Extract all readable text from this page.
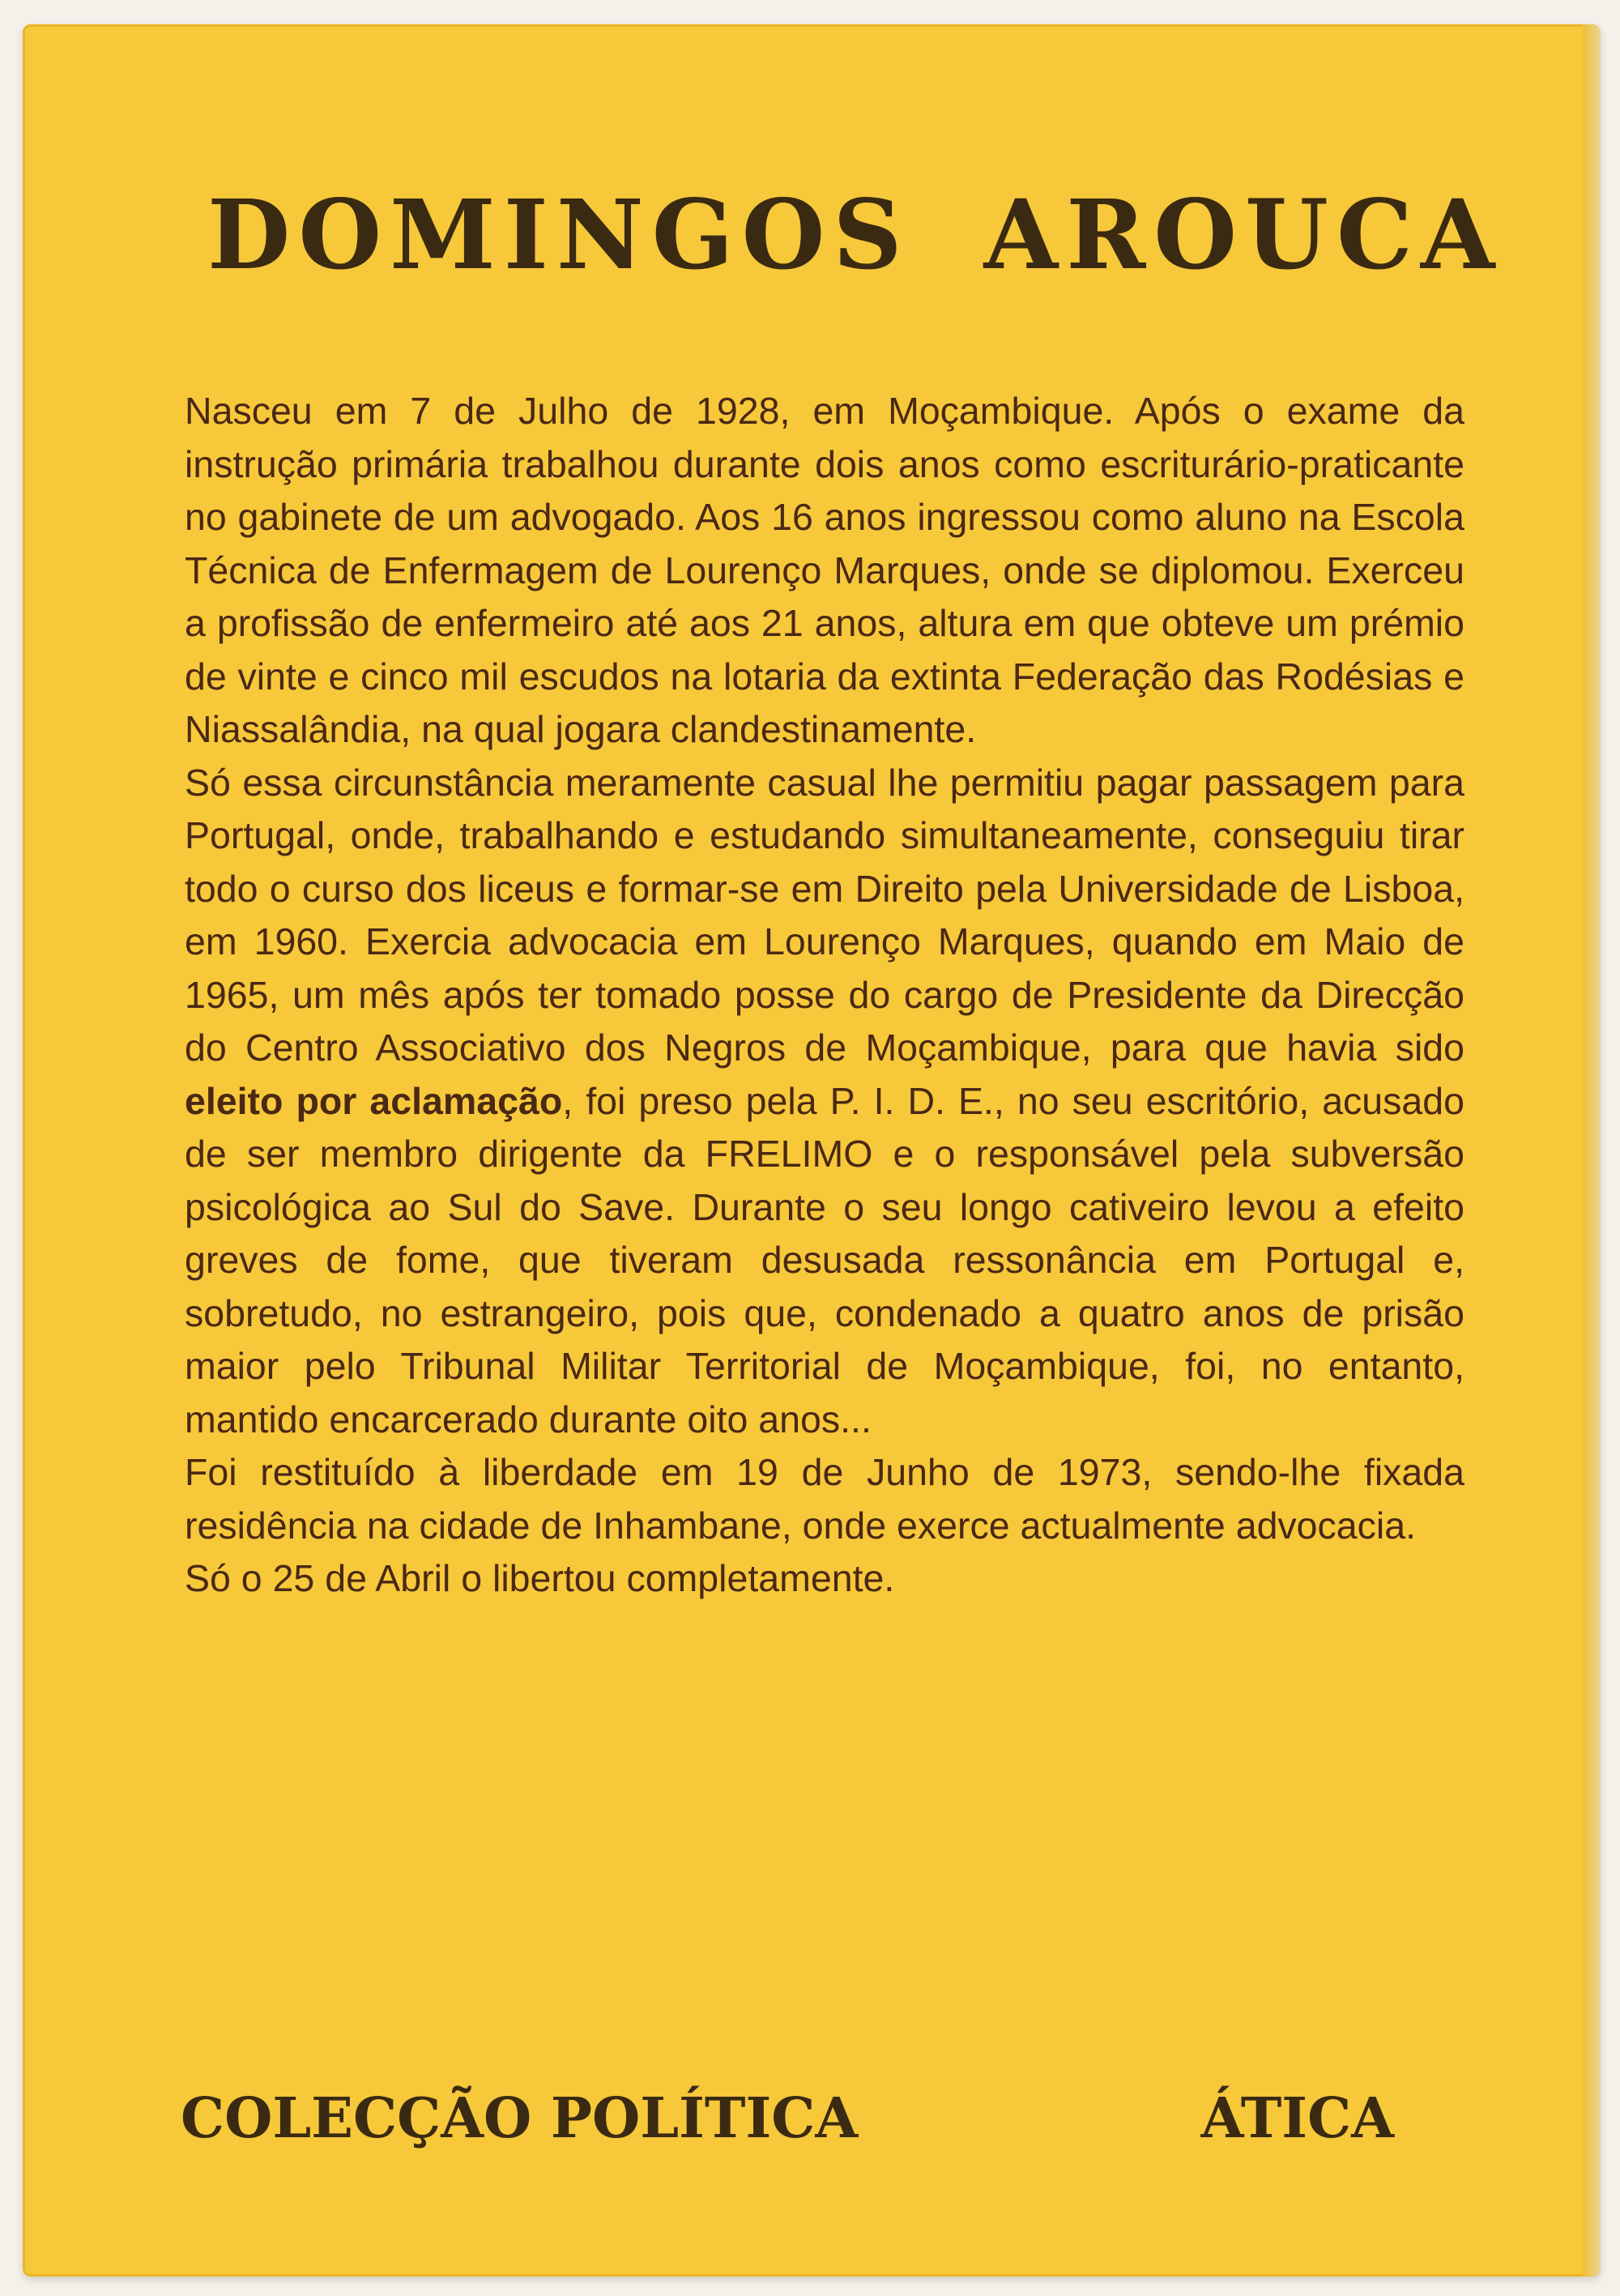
DOMINGOS AROUCA

Nasceu em 7 de Julho de 1928, em Moçambique. Após o exame da instrução primária trabalhou durante dois anos como escriturário-praticante no gabinete de um advogado. Aos 16 anos ingressou como aluno na Escola Técnica de Enfermagem de Lourenço Marques, onde se diplomou. Exerceu a profissão de enfermeiro até aos 21 anos, altura em que obteve um prémio de vinte e cinco mil escudos na lotaria da extinta Federação das Rodésias e Niassalândia, na qual jogara clandestinamente.

Só essa circunstância meramente casual lhe permitiu pagar passagem para Portugal, onde, trabalhando e estudando simultaneamente, conseguiu tirar todo o curso dos liceus e formar-se em Direito pela Universidade de Lisboa, em 1960. Exercia advocacia em Lourenço Marques, quando em Maio de 1965, um mês após ter tomado posse do cargo de Presidente da Direcção do Centro Associativo dos Negros de Moçambique, para que havia sido eleito por aclamação, foi preso pela P. I. D. E., no seu escritório, acusado de ser membro dirigente da FRELIMO e o responsável pela subversão psicológica ao Sul do Save. Durante o seu longo cativeiro levou a efeito greves de fome, que tiveram desusada ressonância em Portugal e, sobretudo, no estrangeiro, pois que, condenado a quatro anos de prisão maior pelo Tribunal Militar Territorial de Moçambique, foi, no entanto, mantido encarcerado durante oito anos...

Foi restituído à liberdade em 19 de Junho de 1973, sendo-lhe fixada residência na cidade de Inhambane, onde exerce actualmente advocacia.

Só o 25 de Abril o libertou completamente.

COLECÇÃO POLÍTICA	ÁTICA
